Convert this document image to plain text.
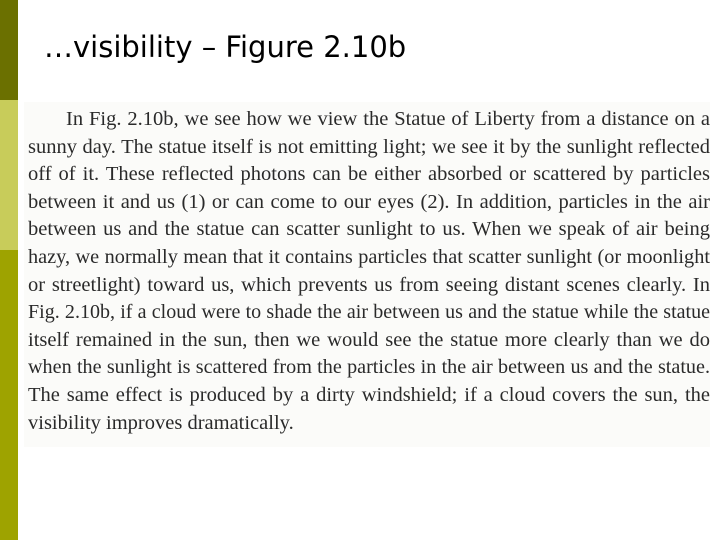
…visibility – Figure 2.10b
In Fig. 2.10b, we see how we view the Statue of Liberty from a distance on a
sunny day. The statue itself is not emitting light; we see it by the sunlight reflected
off of it. These reflected photons can be either absorbed or scattered by particles
between it and us (1) or can come to our eyes (2). In addition, particles in the air
between us and the statue can scatter sunlight to us. When we speak of air being
hazy, we normally mean that it contains particles that scatter sunlight (or moonlight
or streetlight) toward us, which prevents us from seeing distant scenes clearly. In
Fig. 2.10b, if a cloud were to shade the air between us and the statue while the statue
itself remained in the sun, then we would see the statue more clearly than we do
when the sunlight is scattered from the particles in the air between us and the statue.
The same effect is produced by a dirty windshield; if a cloud covers the sun, the
visibility improves dramatically.
